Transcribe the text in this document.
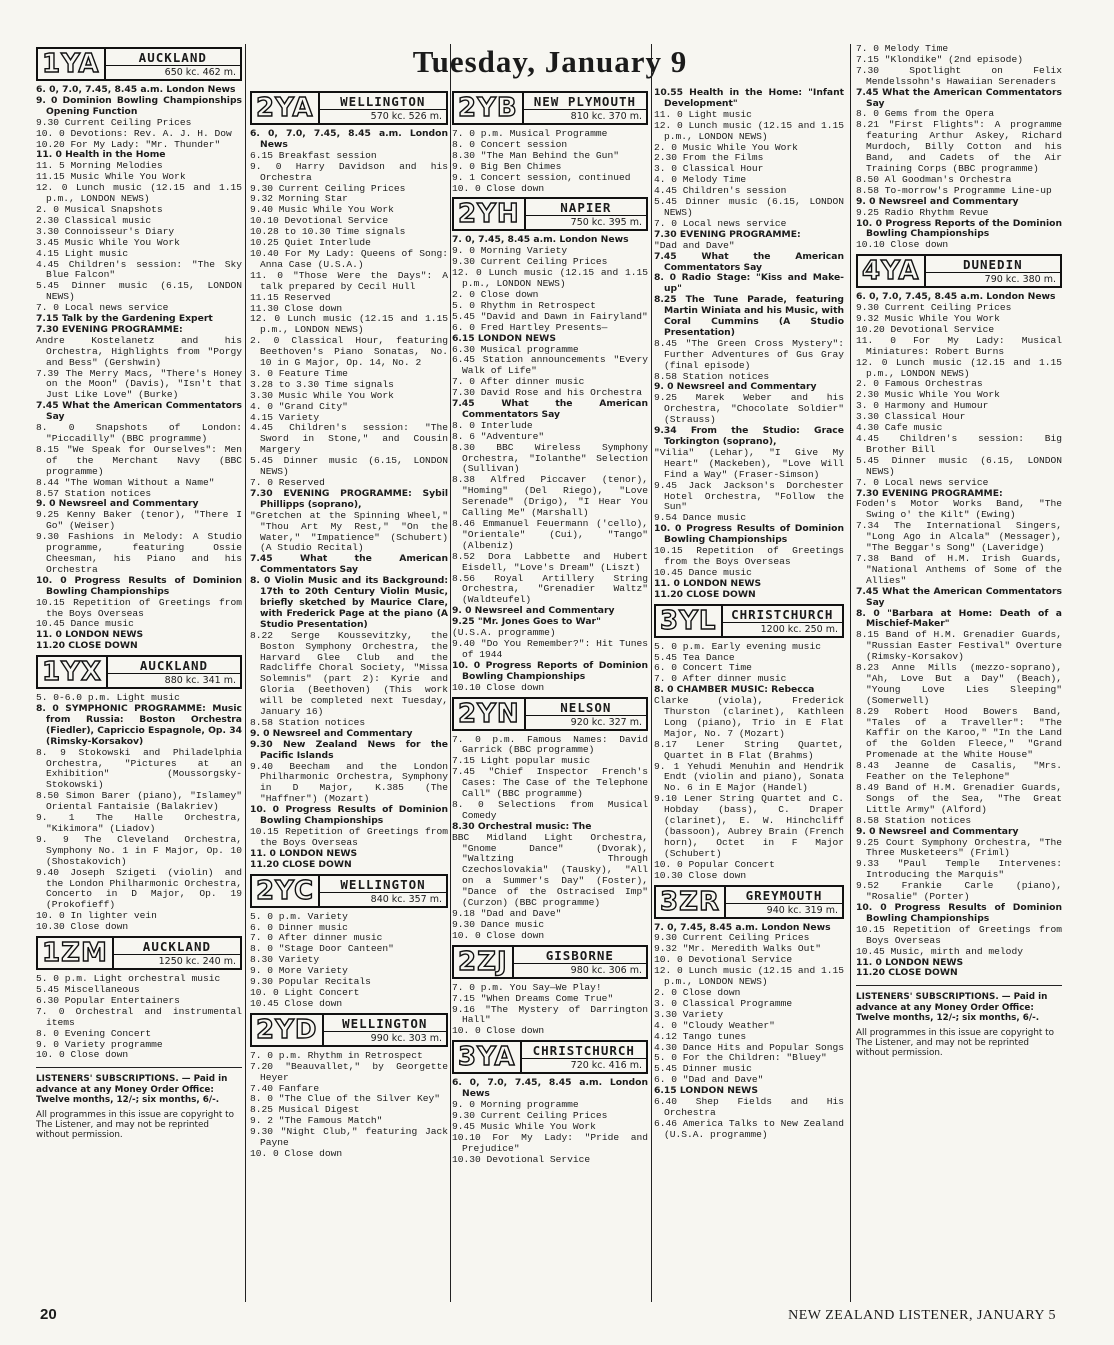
Tuesday, January 9
1YA	AUCKLAND
650 kc. 462 m.

6. 0, 7.0, 7.45, 8.45 a.m. London News

9. 0 Dominion Bowling Championships Opening Function

9.30 Current Ceiling Prices

10. 0 Devotions: Rev. A. J. H. Dow

10.20 For My Lady: "Mr. Thunder"

11. 0 Health in the Home

11. 5 Morning Melodies

11.15 Music While You Work

12. 0 Lunch music (12.15 and 1.15 p.m., LONDON NEWS)

2. 0 Musical Snapshots

2.30 Classical music

3.30 Connoisseur's Diary

3.45 Music While You Work

4.15 Light music

4.45 Children's session: "The Sky Blue Falcon"

5.45 Dinner music (6.15, LONDON NEWS)

7. 0 Local news service

7.15 Talk by the Gardening Expert

7.30 EVENING PROGRAMME:

Andre Kostelanetz and his Orchestra, Highlights from "Porgy and Bess" (Gershwin)

7.39 The Merry Macs, "There's Honey on the Moon" (Davis), "Isn't that Just Like Love" (Burke)

7.45 What the American Commentators Say

8. 0 Snapshots of London: "Piccadilly" (BBC programme)

8.15 "We Speak for Ourselves": Men of the Merchant Navy (BBC programme)

8.44 "The Woman Without a Name"

8.57 Station notices

9. 0 Newsreel and Commentary

9.25 Kenny Baker (tenor), "There I Go" (Weiser)

9.30 Fashions in Melody: A Studio programme, featuring Ossie Cheesman, his Piano and his Orchestra

10. 0 Progress Results of Dominion Bowling Championships

10.15 Repetition of Greetings from the Boys Overseas

10.45 Dance music

11. 0 LONDON NEWS

11.20 CLOSE DOWN

1YX	AUCKLAND
880 kc. 341 m.

5. 0-6.0 p.m. Light music

8. 0 SYMPHONIC PROGRAMME: Music from Russia: Boston Orchestra (Fiedler), Capriccio Espagnole, Op. 34 (Rimsky-Korsakov)

8. 9 Stokowski and Philadelphia Orchestra, "Pictures at an Exhibition" (Moussorgsky-Stokowski)

8.50 Simon Barer (piano), "Islamey" Oriental Fantaisie (Balakriev)

9. 1 The Halle Orchestra, "Kikimora" (Liadov)

9. 9 The Cleveland Orchestra, Symphony No. 1 in F Major, Op. 10 (Shostakovich)

9.40 Joseph Szigeti (violin) and the London Philharmonic Orchestra, Concerto in D Major, Op. 19 (Prokofieff)

10. 0 In lighter vein

10.30 Close down

1ZM	AUCKLAND
1250 kc. 240 m.

5. 0 p.m. Light orchestral music

5.45 Miscellaneous

6.30 Popular Entertainers

7. 0 Orchestral and instrumental items

8. 0 Evening Concert

9. 0 Variety programme

10. 0 Close down

LISTENERS' SUBSCRIPTIONS. — Paid in advance at any Money Order Office: Twelve months, 12/-; six months, 6/-.
All programmes in this issue are copyright to The Listener, and may not be reprinted without permission.
2YA	WELLINGTON
570 kc. 526 m.

6. 0, 7.0, 7.45, 8.45 a.m. London News

6.15 Breakfast session

9. 0 Harry Davidson and his Orchestra

9.30 Current Ceiling Prices

9.32 Morning Star

9.40 Music While You Work

10.10 Devotional Service

10.28 to 10.30 Time signals

10.25 Quiet Interlude

10.40 For My Lady: Queens of Song: Anna Case (U.S.A.)

11. 0 "Those Were the Days": A talk prepared by Cecil Hull

11.15 Reserved

11.30 Close down

12. 0 Lunch music (12.15 and 1.15 p.m., LONDON NEWS)

2. 0 Classical Hour, featuring Beethoven's Piano Sonatas, No. 10 in G Major, Op. 14, No. 2

3. 0 Feature Time

3.28 to 3.30 Time signals

3.30 Music While You Work

4. 0 "Grand City"

4.15 Variety

4.45 Children's session: "The Sword in Stone," and Cousin Margery

5.45 Dinner music (6.15, LONDON NEWS)

7. 0 Reserved

7.30 EVENING PROGRAMME: Sybil Phillipps (soprano),

"Gretchen at the Spinning Wheel," "Thou Art My Rest," "On the Water," "Impatience" (Schubert) (A Studio Recital)

7.45 What the American Commentators Say

8. 0 Violin Music and its Background: 17th to 20th Century Violin Music, briefly sketched by Maurice Clare, with Frederick Page at the piano (A Studio Presentation)

8.22 Serge Koussevitzky, the Boston Symphony Orchestra, the Harvard Glee Club and the Radcliffe Choral Society, "Missa Solemnis" (part 2): Kyrie and Gloria (Beethoven) (This work will be completed next Tuesday, January 16)

8.58 Station notices

9. 0 Newsreel and Commentary

9.30 New Zealand News for the Pacific Islands

9.40 Beecham and the London Philharmonic Orchestra, Symphony in D Major, K.385 (The "Haffner") (Mozart)

10. 0 Progress Results of Dominion Bowling Championships

10.15 Repetition of Greetings from the Boys Overseas

11. 0 LONDON NEWS

11.20 CLOSE DOWN

2YC	WELLINGTON
840 kc. 357 m.

5. 0 p.m. Variety

6. 0 Dinner music

7. 0 After dinner music

8. 0 "Stage Door Canteen"

8.30 Variety

9. 0 More Variety

9.30 Popular Recitals

10. 0 Light Concert

10.45 Close down

2YD	WELLINGTON
990 kc. 303 m.

7. 0 p.m. Rhythm in Retrospect

7.20 "Beauvallet," by Georgette Heyer

7.40 Fanfare

8. 0 "The Clue of the Silver Key"

8.25 Musical Digest

9. 2 "The Famous Match"

9.30 "Night Club," featuring Jack Payne

10. 0 Close down

2YB	NEW PLYMOUTH
810 kc. 370 m.

7. 0 p.m. Musical Programme

8. 0 Concert session

8.30 "The Man Behind the Gun"

9. 0 Big Ben Chimes

9. 1 Concert session, continued

10. 0 Close down

2YH	NAPIER
750 kc. 395 m.

7. 0, 7.45, 8.45 a.m. London News

9. 0 Morning Variety

9.30 Current Ceiling Prices

12. 0 Lunch music (12.15 and 1.15 p.m., LONDON NEWS)

2. 0 Close down

5. 0 Rhythm in Retrospect

5.45 "David and Dawn in Fairyland"

6. 0 Fred Hartley Presents—

6.15 LONDON NEWS

6.30 Musical programme

6.45 Station announcements "Every Walk of Life"

7. 0 After dinner music

7.30 David Rose and his Orchestra

7.45 What the American Commentators Say

8. 0 Interlude

8. 6 "Adventure"

8.30 BBC Wireless Symphony Orchestra, "Iolanthe" Selection (Sullivan)

8.38 Alfred Piccaver (tenor), "Homing" (Del Riego), "Love Serenade" (Drigo), "I Hear You Calling Me" (Marshall)

8.46 Emmanuel Feuermann ('cello), "Orientale" (Cui), "Tango" (Albeniz)

8.52 Dora Labbette and Hubert Eisdell, "Love's Dream" (Liszt)

8.56 Royal Artillery String Orchestra, "Grenadier Waltz" (Waldteufel)

9. 0 Newsreel and Commentary

9.25 "Mr. Jones Goes to War"

(U.S.A. programme)

9.40 "Do You Remember?": Hit Tunes of 1944

10. 0 Progress Reports of Dominion Bowling Championships

10.10 Close down

2YN	NELSON
920 kc. 327 m.

7. 0 p.m. Famous Names: David Garrick (BBC programme)

7.15 Light popular music

7.45 "Chief Inspector French's Cases: The Case of the Telephone Call" (BBC programme)

8. 0 Selections from Musical Comedy

8.30 Orchestral music: The

BBC Midland Light Orchestra, "Gnome Dance" (Dvorak), "Waltzing Through Czechoslovakia" (Tausky), "All on a Summer's Day" (Foster), "Dance of the Ostracised Imp" (Curzon) (BBC programme)

9.18 "Dad and Dave"

9.30 Dance music

10. 0 Close down

2ZJ	GISBORNE
980 kc. 306 m.

7. 0 p.m. You Say—We Play!

7.15 "When Dreams Come True"

9.16 "The Mystery of Darrington Hall"

10. 0 Close down

3YA	CHRISTCHURCH
720 kc. 416 m.

6. 0, 7.0, 7.45, 8.45 a.m. London News

9. 0 Morning programme

9.30 Current Ceiling Prices

9.45 Music While You Work

10.10 For My Lady: "Pride and Prejudice"

10.30 Devotional Service

10.55 Health in the Home: "Infant Development"

11. 0 Light music

12. 0 Lunch music (12.15 and 1.15 p.m., LONDON NEWS)

2. 0 Music While You Work

2.30 From the Films

3. 0 Classical Hour

4. 0 Melody Time

4.45 Children's session

5.45 Dinner music (6.15, LONDON NEWS)

7. 0 Local news service

7.30 EVENING PROGRAMME:

"Dad and Dave"

7.45 What the American Commentators Say

8. 0 Radio Stage: "Kiss and Make-up"

8.25 The Tune Parade, featuring Martin Winiata and his Music, with Coral Cummins (A Studio Presentation)

8.45 "The Green Cross Mystery": Further Adventures of Gus Gray (final episode)

8.58 Station notices

9. 0 Newsreel and Commentary

9.25 Marek Weber and his Orchestra, "Chocolate Soldier" (Strauss)

9.34 From the Studio: Grace Torkington (soprano),

"Vilia" (Lehar), "I Give My Heart" (Mackeben), "Love Will Find a Way" (Fraser-Simson)

9.45 Jack Jackson's Dorchester Hotel Orchestra, "Follow the Sun"

9.54 Dance music

10. 0 Progress Results of Dominion Bowling Championships

10.15 Repetition of Greetings from the Boys Overseas

10.45 Dance music

11. 0 LONDON NEWS

11.20 CLOSE DOWN

3YL	CHRISTCHURCH
1200 kc. 250 m.

5. 0 p.m. Early evening music

5.45 Tea Dance

6. 0 Concert Time

7. 0 After dinner music

8. 0 CHAMBER MUSIC: Rebecca

Clarke (viola), Frederick Thurston (clarinet), Kathleen Long (piano), Trio in E Flat Major, No. 7 (Mozart)

8.17 Lener String Quartet, Quartet in B Flat (Brahms)

9. 1 Yehudi Menuhin and Hendrik Endt (violin and piano), Sonata No. 6 in E Major (Handel)

9.10 Lener String Quartet and C. Hobday (bass), C. Draper (clarinet), E. W. Hinchcliff (bassoon), Aubrey Brain (French horn), Octet in F Major (Schubert)

10. 0 Popular Concert

10.30 Close down

3ZR	GREYMOUTH
940 kc. 319 m.

7. 0, 7.45, 8.45 a.m. London News

9.30 Current Ceiling Prices

9.32 "Mr. Meredith Walks Out"

10. 0 Devotional Service

12. 0 Lunch music (12.15 and 1.15 p.m., LONDON NEWS)

2. 0 Close down

3. 0 Classical Programme

3.30 Variety

4. 0 "Cloudy Weather"

4.12 Tango tunes

4.30 Dance Hits and Popular Songs

5. 0 For the Children: "Bluey"

5.45 Dinner music

6. 0 "Dad and Dave"

6.15 LONDON NEWS

6.40 Shep Fields and His Orchestra

6.46 America Talks to New Zealand (U.S.A. programme)

7. 0 Melody Time

7.15 "Klondike" (2nd episode)

7.30 Spotlight on Felix Mendelssohn's Hawaiian Serenaders

7.45 What the American Commentators Say

8. 0 Gems from the Opera

8.21 "First Flights": A programme featuring Arthur Askey, Richard Murdoch, Billy Cotton and his Band, and Cadets of the Air Training Corps (BBC programme)

8.50 Al Goodman's Orchestra

8.58 To-morrow's Programme Line-up

9. 0 Newsreel and Commentary

9.25 Radio Rhythm Revue

10. 0 Progress Reports of the Dominion Bowling Championships

10.10 Close down

4YA	DUNEDIN
790 kc. 380 m.

6. 0, 7.0, 7.45, 8.45 a.m. London News

9.30 Current Ceiling Prices

9.32 Music While You Work

10.20 Devotional Service

11. 0 For My Lady: Musical Miniatures: Robert Burns

12. 0 Lunch music (12.15 and 1.15 p.m., LONDON NEWS)

2. 0 Famous Orchestras

2.30 Music While You Work

3. 0 Harmony and Humour

3.30 Classical Hour

4.30 Cafe music

4.45 Children's session: Big Brother Bill

5.45 Dinner music (6.15, LONDON NEWS)

7. 0 Local news service

7.30 EVENING PROGRAMME:

Foden's Motor Works Band, "The Swing o' the Kilt" (Ewing)

7.34 The International Singers, "Long Ago in Alcala" (Messager), "The Beggar's Song" (Laveridge)

7.38 Band of H.M. Irish Guards, "National Anthems of Some of the Allies"

7.45 What the American Commentators Say

8. 0 "Barbara at Home: Death of a Mischief-Maker"

8.15 Band of H.M. Grenadier Guards, "Russian Easter Festival" Overture (Rimsky-Korsakov)

8.23 Anne Mills (mezzo-soprano), "Ah, Love But a Day" (Beach), "Young Love Lies Sleeping" (Somerwell)

8.29 Robert Hood Bowers Band, "Tales of a Traveller": "The Kaffir on the Karoo," "In the Land of the Golden Fleece," "Grand Promenade at the White House"

8.43 Jeanne de Casalis, "Mrs. Feather on the Telephone"

8.49 Band of H.M. Grenadier Guards, Songs of the Sea, "The Great Little Army" (Alford)

8.58 Station notices

9. 0 Newsreel and Commentary

9.25 Court Symphony Orchestra, "The Three Musketeers" (Friml)

9.33 "Paul Temple Intervenes: Introducing the Marquis"

9.52 Frankie Carle (piano), "Rosalie" (Porter)

10. 0 Progress Results of Dominion Bowling Championships

10.15 Repetition of Greetings from Boys Overseas

10.45 Music, mirth and melody

11. 0 LONDON NEWS

11.20 CLOSE DOWN

LISTENERS' SUBSCRIPTIONS. — Paid in advance at any Money Order Office: Twelve months, 12/-; six months, 6/-.
All programmes in this issue are copyright to The Listener, and may not be reprinted without permission.
20	NEW ZEALAND LISTENER, JANUARY 5
